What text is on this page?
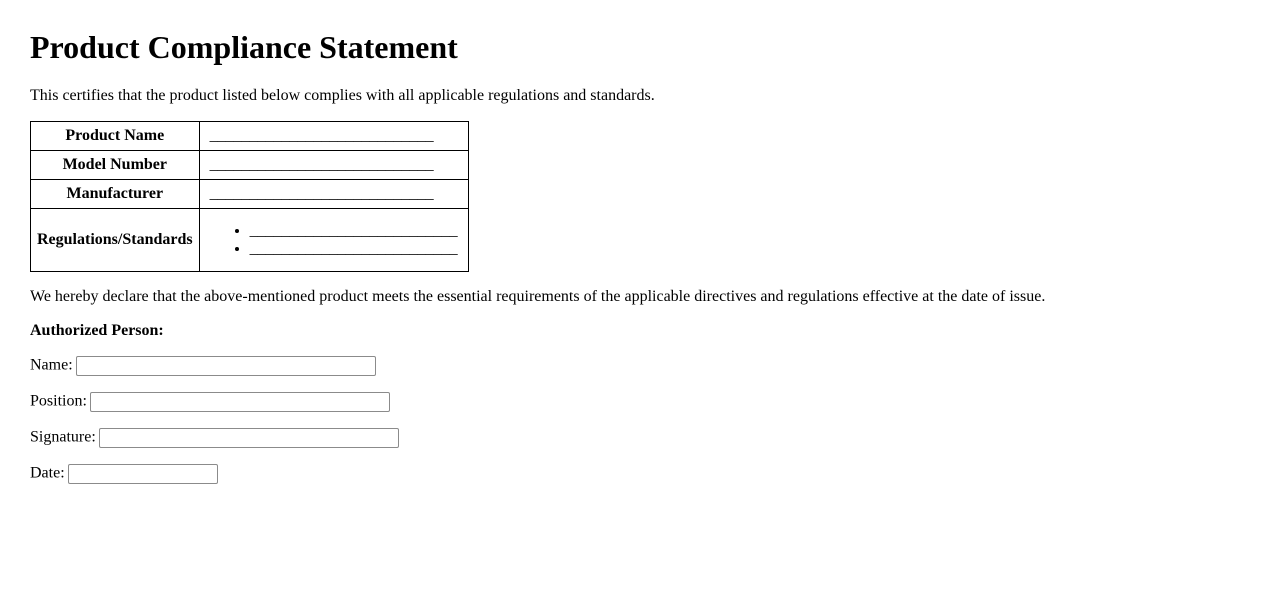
Product Compliance Statement

This certifies that the product listed below complies with all applicable regulations and standards.

Product Name	____________________________
Model Number	____________________________
Manufacturer	____________________________
Regulations/Standards	
• __________________________
• __________________________

We hereby declare that the above-mentioned product meets the essential requirements of the applicable directives and regulations effective at the date of issue.

Authorized Person:

Name:

Position:

Signature:

Date:
